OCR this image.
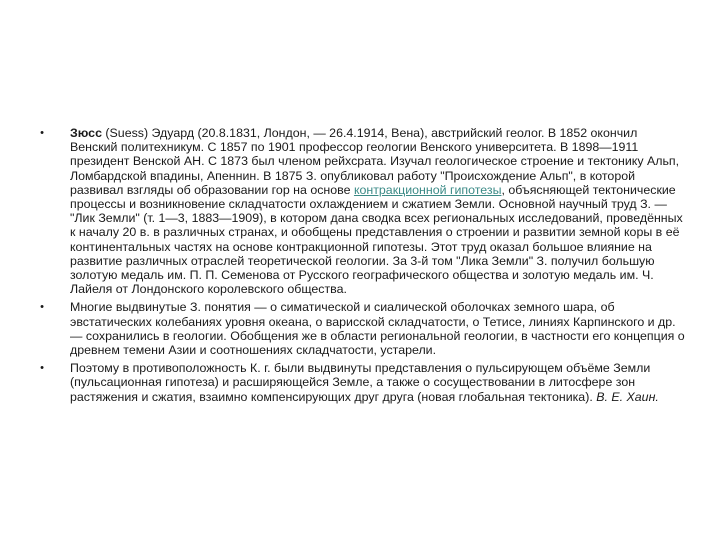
•	Зюсс (Suess) Эдуард (20.8.1831, Лондон, — 26.4.1914, Вена), австрийский геолог. В 1852 окончил Венский политехникум. С 1857 по 1901 профессор геологии Венского университета. В 1898—1911 президент Венской АН. С 1873 был членом рейхсрата. Изучал геологическое строение и тектонику Альп, Ломбардской впадины, Апеннин. В 1875 З. опубликовал работу "Происхождение Альп", в которой развивал взгляды об образовании гор на основе контракционной гипотезы, объясняющей тектонические процессы и возникновение складчатости охлаждением и сжатием Земли. Основной научный труд З. — "Лик Земли" (т. 1—3, 1883—1909), в котором дана сводка всех региональных исследований, проведённых к началу 20 в. в различных странах, и обобщены представления о строении и развитии земной коры в её континентальных частях на основе контракционной гипотезы. Этот труд оказал большое влияние на развитие различных отраслей теоретической геологии. За 3-й том "Лика Земли" З. получил большую золотую медаль им. П. П. Семенова от Русского географического общества и золотую медаль им. Ч. Лайеля от Лондонского королевского общества.
•	Многие выдвинутые З. понятия — о симатической и сиалической оболочках земного шара, об эвстатических колебаниях уровня океана, о варисской складчатости, о Тетисе, линиях Карпинского и др. — сохранились в геологии. Обобщения же в области региональной геологии, в частности его концепция о древнем темени Азии и соотношениях складчатости, устарели.
•	Поэтому в противоположность К. г. были выдвинуты представления о пульсирующем объёме Земли (пульсационная гипотеза) и расширяющейся Земле, а также о сосуществовании в литосфере зон растяжения и сжатия, взаимно компенсирующих друг друга (новая глобальная тектоника). В. Е. Хаин.
